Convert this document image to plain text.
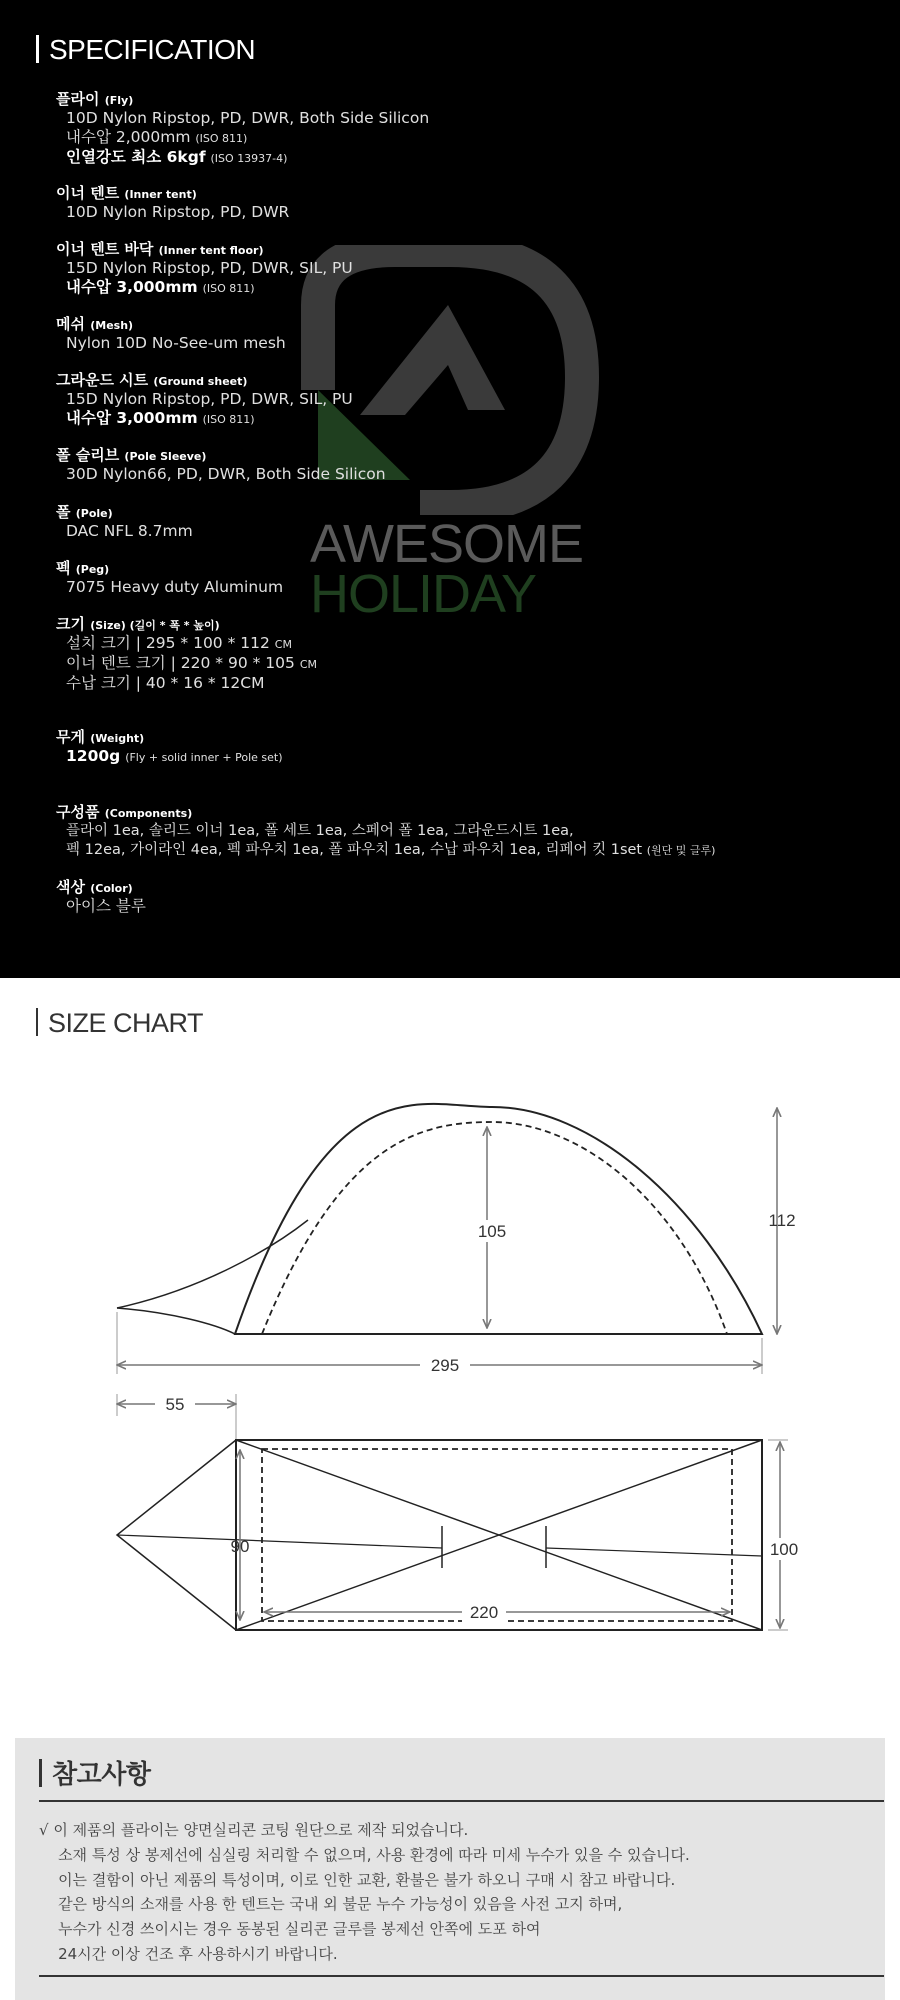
SPECIFICATION
AWESOME
HOLIDAY
플라이 (Fly)
10D Nylon Ripstop, PD, DWR, Both Side Silicon
내수압 2,000mm (ISO 811)
인열강도 최소 6kgf (ISO 13937-4)
이너 텐트 (Inner tent)
10D Nylon Ripstop, PD, DWR
이너 텐트 바닥 (Inner tent floor)
15D Nylon Ripstop, PD, DWR, SIL, PU
내수압 3,000mm (ISO 811)
메쉬 (Mesh)
Nylon 10D No-See-um mesh
그라운드 시트 (Ground sheet)
15D Nylon Ripstop, PD, DWR, SIL, PU
내수압 3,000mm (ISO 811)
폴 슬리브 (Pole Sleeve)
30D Nylon66, PD, DWR, Both Side Silicon
폴 (Pole)
DAC NFL 8.7mm
펙 (Peg)
7075 Heavy duty Aluminum
크기 (Size) (길이 * 폭 * 높이)
설치 크기 | 295 * 100 * 112 CM
이너 텐트 크기 | 220 * 90 * 105 CM
수납 크기 | 40 * 16 * 12CM
무게 (Weight)
1200g (Fly + solid inner + Pole set)
구성품 (Components)
플라이 1ea, 솔리드 이너 1ea, 폴 세트 1ea, 스페어 폴 1ea, 그라운드시트 1ea,
펙 12ea, 가이라인 4ea, 펙 파우치 1ea, 폴 파우치 1ea, 수납 파우치 1ea, 리페어 킷 1set (원단 및 글루)
색상 (Color)
아이스 블루
SIZE CHART
105
112
295
55
90	100
220
참고사항
√ 이 제품의 플라이는 양면실리콘 코팅 원단으로 제작 되었습니다.
소재 특성 상 봉제선에 심실링 처리할 수 없으며, 사용 환경에 따라 미세 누수가 있을 수 있습니다.
이는 결함이 아닌 제품의 특성이며, 이로 인한 교환, 환불은 불가 하오니 구매 시 참고 바랍니다.
같은 방식의 소재를 사용 한 텐트는 국내 외 불문 누수 가능성이 있음을 사전 고지 하며,
누수가 신경 쓰이시는 경우 동봉된 실리콘 글루를 봉제선 안쪽에 도포 하여
24시간 이상 건조 후 사용하시기 바랍니다.
